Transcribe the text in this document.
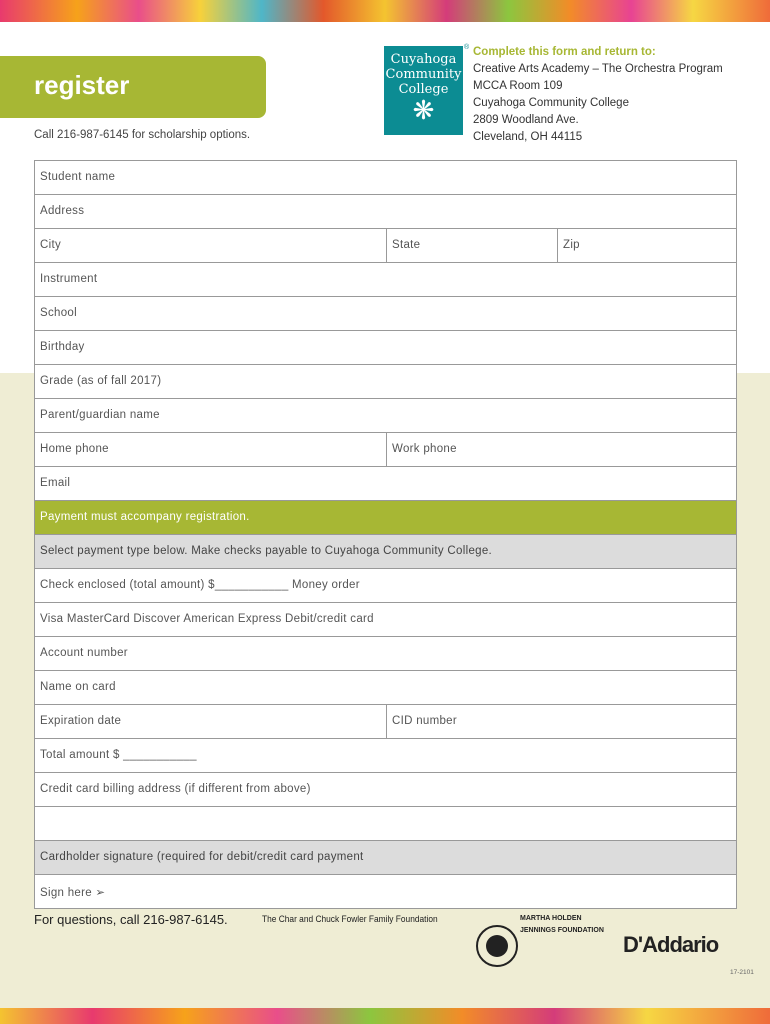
register
Call 216-987-6145 for scholarship options.
Cuyahoga
Community
College
❋
® Complete this form and return to:
Creative Arts Academy – The Orchestra Program
MCCA Room 109
Cuyahoga Community College
2809 Woodland Ave.
Cleveland, OH 44115
Student name
Address
City	State	Zip
Instrument
School
Birthday
Grade (as of fall 2017)
Parent/guardian name
Home phone	Work phone
Email
Payment must accompany registration.
Select payment type below. Make checks payable to Cuyahoga Community College.
Check enclosed (total amount) $___________ Money order
Visa MasterCard Discover American Express Debit/credit card
Account number
Name on card
Expiration date	CID number
Total amount $ ___________
Credit card billing address (if different from above)
Cardholder signature (required for debit/credit card payment
Sign here ➢
For questions, call 216-987-6145.	The Char and Chuck Fowler Family Foundation	MARTHA HOLDEN
JENNINGS FOUNDATION
D'Addario
17-2101
